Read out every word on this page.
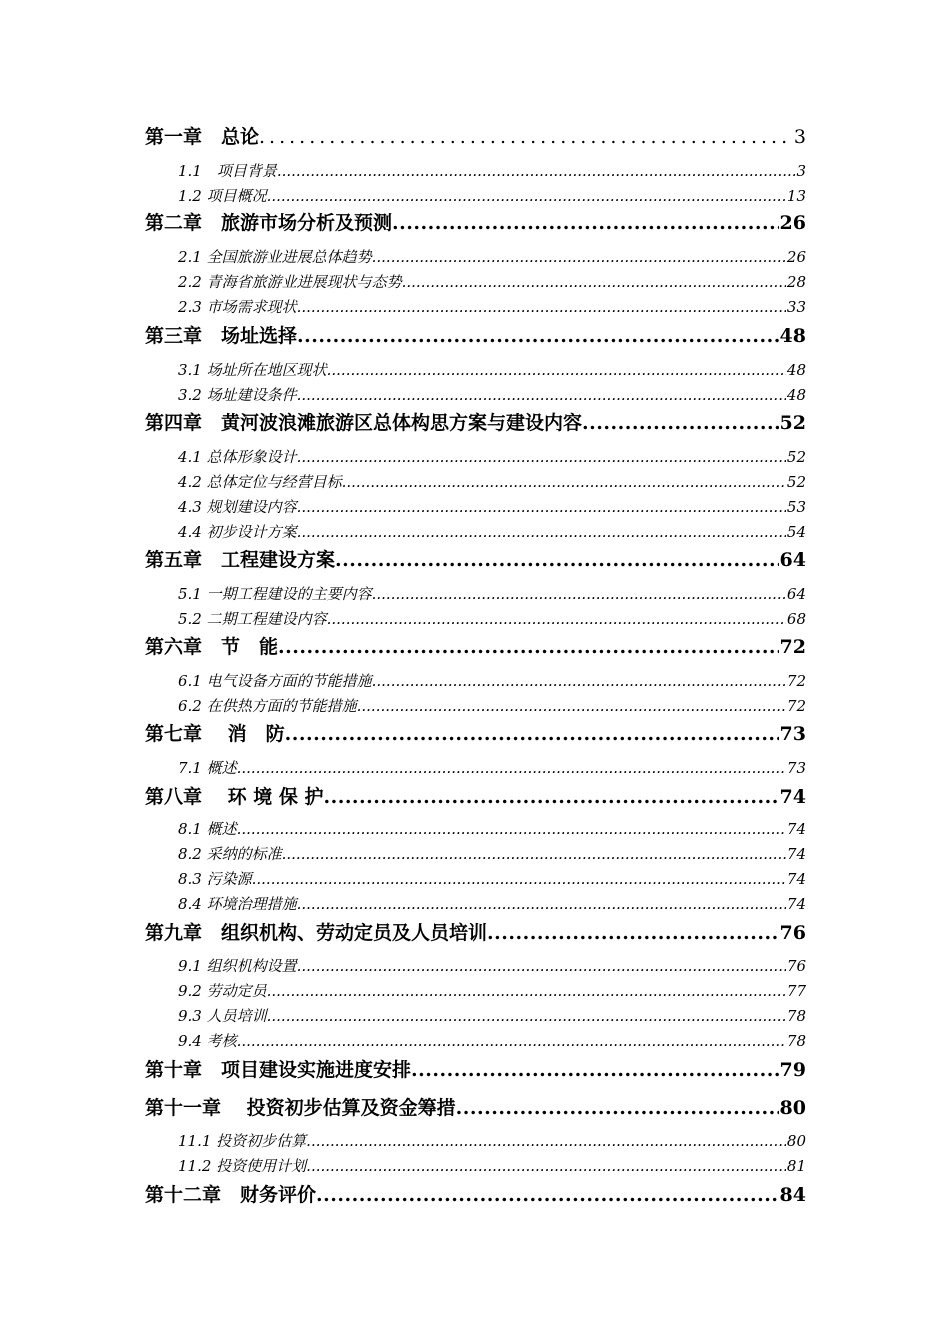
第一章　总论 .....	3
1.1　项目背景 .....	3
1.2 项目概况 .....	13
第二章　旅游市场分析及预测 .....	26
2.1 全国旅游业进展总体趋势 .....	26
2.2 青海省旅游业进展现状与态势 .....	28
2.3 市场需求现状 .....	33
第三章　场址选择 .....	48
3.1 场址所在地区现状 .....	48
3.2 场址建设条件 .....	48
第四章　黄河波浪滩旅游区总体构思方案与建设内容 .....	52
4.1 总体形象设计 .....	52
4.2 总体定位与经营目标 .....	52
4.3 规划建设内容 .....	53
4.4 初步设计方案 .....	54
第五章　工程建设方案 .....	64
5.1 一期工程建设的主要内容 .....	64
5.2 二期工程建设内容 .....	68
第六章　节　能 .....	72
6.1 电气设备方面的节能措施 .....	72
6.2 在供热方面的节能措施 .....	72
第七章　 消　防 .....	73
7.1 概述 .....	73
第八章　 环 境 保 护 .....	74
8.1 概述 .....	74
8.2 采纳的标准 .....	74
8.3 污染源 .....	74
8.4 环境治理措施 .....	74
第九章　组织机构、劳动定员及人员培训 .....	76
9.1 组织机构设置 .....	76
9.2 劳动定员 .....	77
9.3 人员培训 .....	78
9.4 考核 .....	78
第十章　项目建设实施进度安排 .....	79
第十一章　 投资初步估算及资金筹措 .....	80
11.1 投资初步估算 .....	80
11.2 投资使用计划 .....	81
第十二章　财务评价 .....	84
